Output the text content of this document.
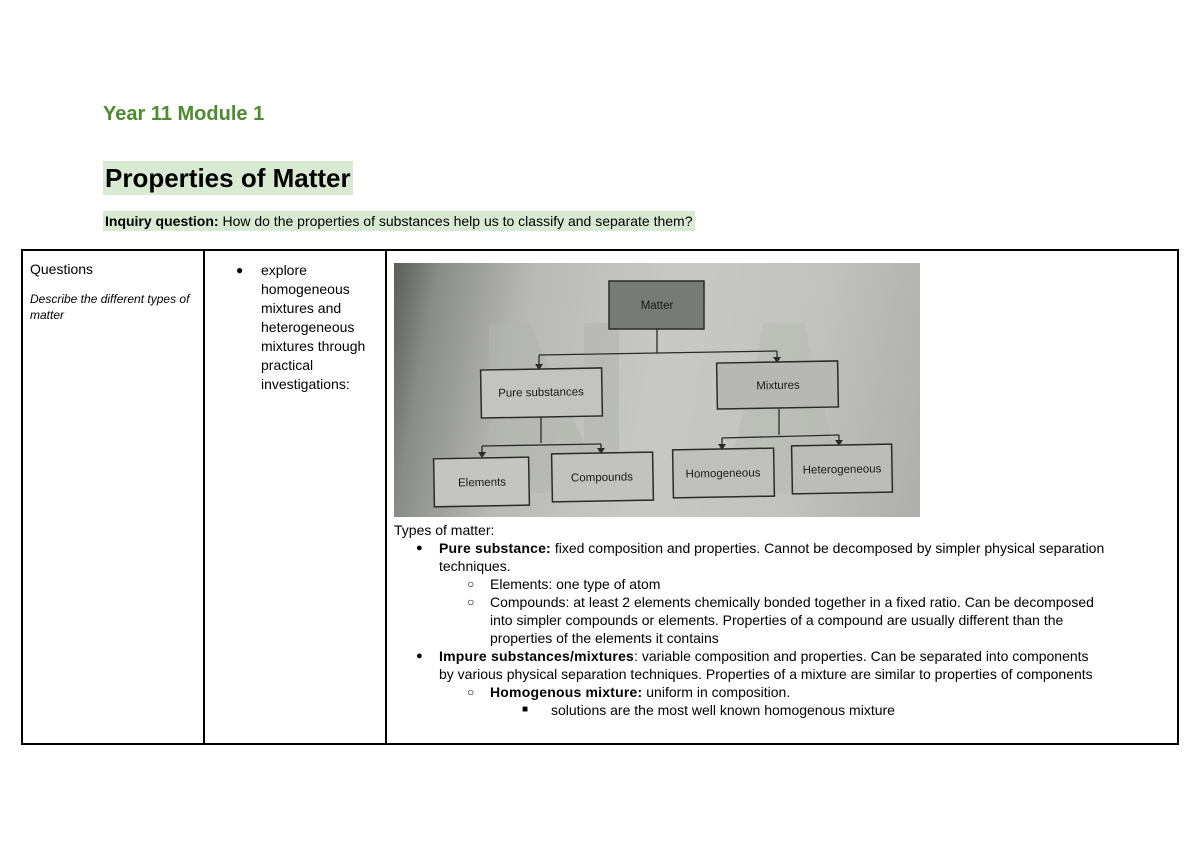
Year 11 Module 1
Properties of Matter
Inquiry question: How do the properties of substances help us to classify and separate them?
Questions
Describe the different types of matter
● explore homogeneous mixtures and heterogeneous mixtures through practical investigations:
Matter
Pure substances
Mixtures
Elements	Compounds	Homogeneous	Heterogeneous
Types of matter:
● Pure substance: fixed composition and properties. Cannot be decomposed by simpler physical separation techniques.
○ Elements: one type of atom
○ Compounds: at least 2 elements chemically bonded together in a fixed ratio. Can be decomposed into simpler compounds or elements. Properties of a compound are usually different than the properties of the elements it contains
● Impure substances/mixtures: variable composition and properties. Can be separated into components by various physical separation techniques. Properties of a mixture are similar to properties of components
○ Homogenous mixture: uniform in composition.
■ solutions are the most well known homogenous mixture
